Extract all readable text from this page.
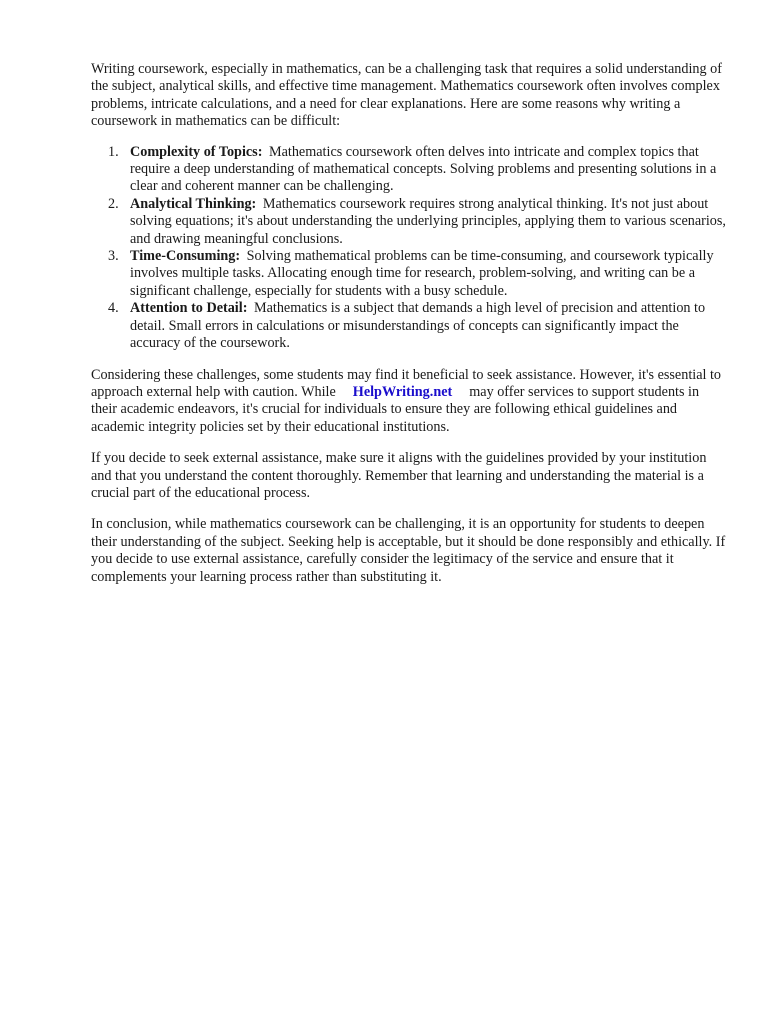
Writing coursework, especially in mathematics, can be a challenging task that requires a solid understanding of the subject, analytical skills, and effective time management. Mathematics coursework often involves complex problems, intricate calculations, and a need for clear explanations. Here are some reasons why writing a coursework in mathematics can be difficult:

1. Complexity of Topics: Mathematics coursework often delves into intricate and complex topics that require a deep understanding of mathematical concepts. Solving problems and presenting solutions in a clear and coherent manner can be challenging.
2. Analytical Thinking: Mathematics coursework requires strong analytical thinking. It's not just about solving equations; it's about understanding the underlying principles, applying them to various scenarios, and drawing meaningful conclusions.
3. Time-Consuming: Solving mathematical problems can be time-consuming, and coursework typically involves multiple tasks. Allocating enough time for research, problem-solving, and writing can be a significant challenge, especially for students with a busy schedule.
4. Attention to Detail: Mathematics is a subject that demands a high level of precision and attention to detail. Small errors in calculations or misunderstandings of concepts can significantly impact the accuracy of the coursework.

Considering these challenges, some students may find it beneficial to seek assistance. However, it's essential to approach external help with caution. While HelpWriting.net may offer services to support students in their academic endeavors, it's crucial for individuals to ensure they are following ethical guidelines and academic integrity policies set by their educational institutions.

If you decide to seek external assistance, make sure it aligns with the guidelines provided by your institution and that you understand the content thoroughly. Remember that learning and understanding the material is a crucial part of the educational process.

In conclusion, while mathematics coursework can be challenging, it is an opportunity for students to deepen their understanding of the subject. Seeking help is acceptable, but it should be done responsibly and ethically. If you decide to use external assistance, carefully consider the legitimacy of the service and ensure that it complements your learning process rather than substituting it.
